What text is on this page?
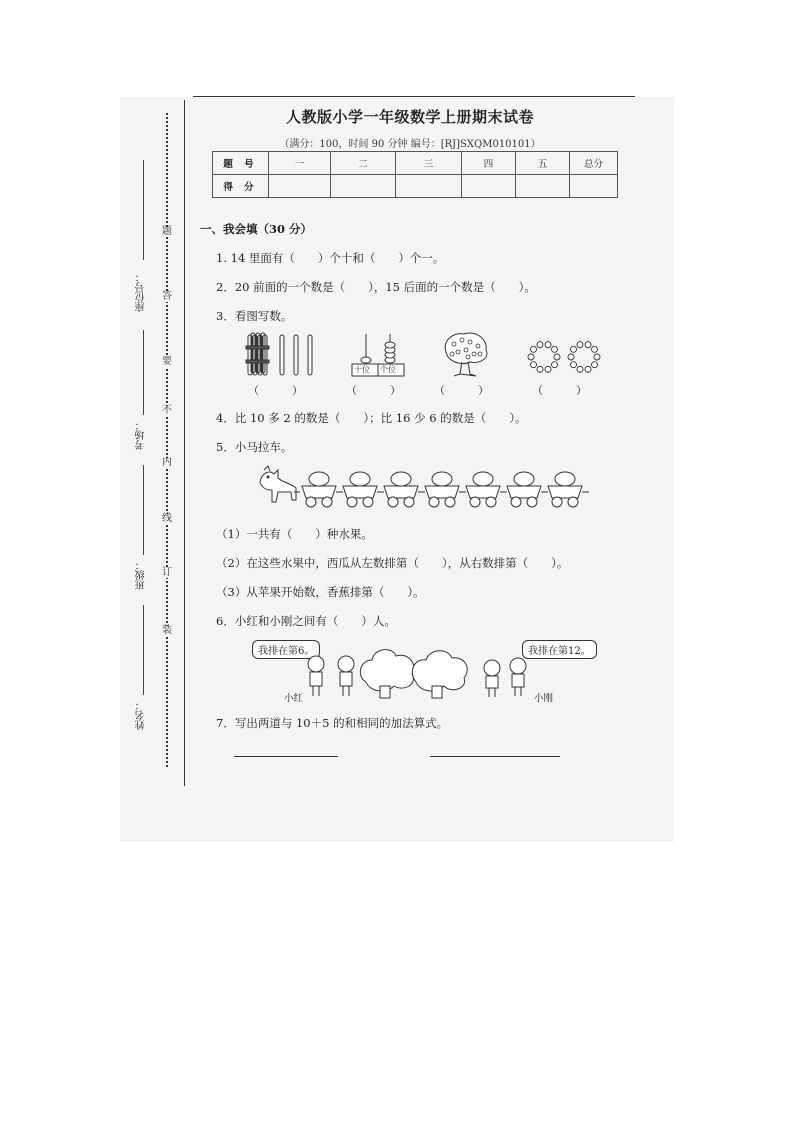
座位号：
考场：
班级：
姓名：
题
答
要
不
内
线
订
装
人教版小学一年级数学上册期末试卷
（满分：100，时间 90 分钟 编号：[RJ]SXQM010101）
题 号	一	二	三	四	五	总分
得 分						
一、我会填（30 分）
1. 14 里面有（　　）个十和（　　）个一。
2．20 前面的一个数是（　　），15 后面的一个数是（　　）。
3．看图写数。
十位 个位
（　　　）	（　　　）	（　　　）	（　　　）
4．比 10 多 2 的数是（　　）；比 16 少 6 的数是（　　）。
5．小马拉车。
（1）一共有（　　）种水果。
（2）在这些水果中，西瓜从左数排第（　　），从右数排第（　　）。
（3）从苹果开始数，香蕉排第（　　）。
6．小红和小刚之间有（　　）人。
我排在第6。	我排在第12。
小红	小刚
7．写出两道与 10＋5 的和相同的加法算式。
